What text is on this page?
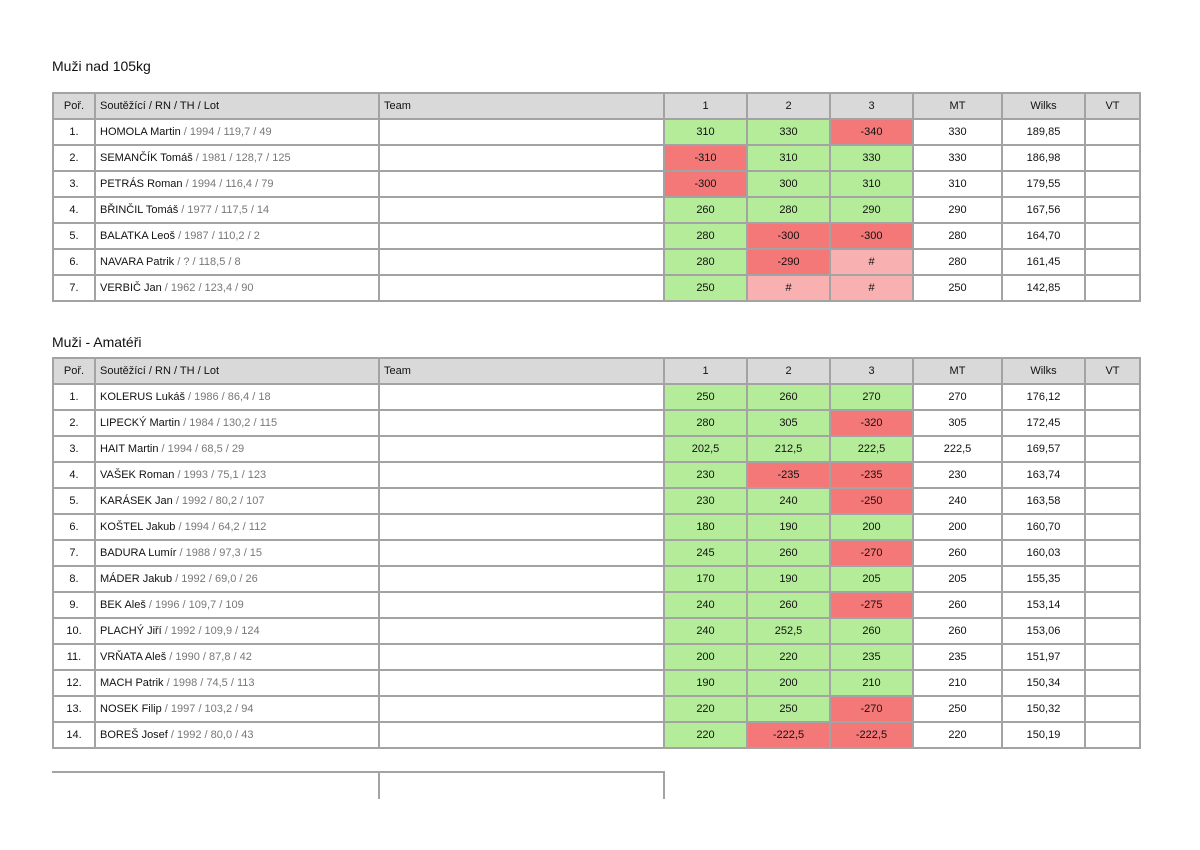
Muži nad 105kg
Poř.	Soutěžící / RN / TH / Lot	Team	1	2	3	MT	Wilks	VT
1.	HOMOLA Martin / 1994 / 119,7 / 49		310	330	-340	330	189,85	
2.	SEMANČÍK Tomáš / 1981 / 128,7 / 125		-310	310	330	330	186,98	
3.	PETRÁS Roman / 1994 / 116,4 / 79		-300	300	310	310	179,55	
4.	BŘINČIL Tomáš / 1977 / 117,5 / 14		260	280	290	290	167,56	
5.	BALATKA Leoš / 1987 / 110,2 / 2		280	-300	-300	280	164,70	
6.	NAVARA Patrik / ? / 118,5 / 8		280	-290	#	280	161,45	
7.	VERBIČ Jan / 1962 / 123,4 / 90		250	#	#	250	142,85	
Muži - Amatéři
Poř.	Soutěžící / RN / TH / Lot	Team	1	2	3	MT	Wilks	VT
1.	KOLERUS Lukáš / 1986 / 86,4 / 18		250	260	270	270	176,12	
2.	LIPECKÝ Martin / 1984 / 130,2 / 115		280	305	-320	305	172,45	
3.	HAIT Martin / 1994 / 68,5 / 29		202,5	212,5	222,5	222,5	169,57	
4.	VAŠEK Roman / 1993 / 75,1 / 123		230	-235	-235	230	163,74	
5.	KARÁSEK Jan / 1992 / 80,2 / 107		230	240	-250	240	163,58	
6.	KOŠTEL Jakub / 1994 / 64,2 / 112		180	190	200	200	160,70	
7.	BADURA Lumír / 1988 / 97,3 / 15		245	260	-270	260	160,03	
8.	MÁDER Jakub / 1992 / 69,0 / 26		170	190	205	205	155,35	
9.	BEK Aleš / 1996 / 109,7 / 109		240	260	-275	260	153,14	
10.	PLACHÝ Jiří / 1992 / 109,9 / 124		240	252,5	260	260	153,06	
11.	VRŇATA Aleš / 1990 / 87,8 / 42		200	220	235	235	151,97	
12.	MACH Patrik / 1998 / 74,5 / 113		190	200	210	210	150,34	
13.	NOSEK Filip / 1997 / 103,2 / 94		220	250	-270	250	150,32	
14.	BOREŠ Josef / 1992 / 80,0 / 43		220	-222,5	-222,5	220	150,19	
